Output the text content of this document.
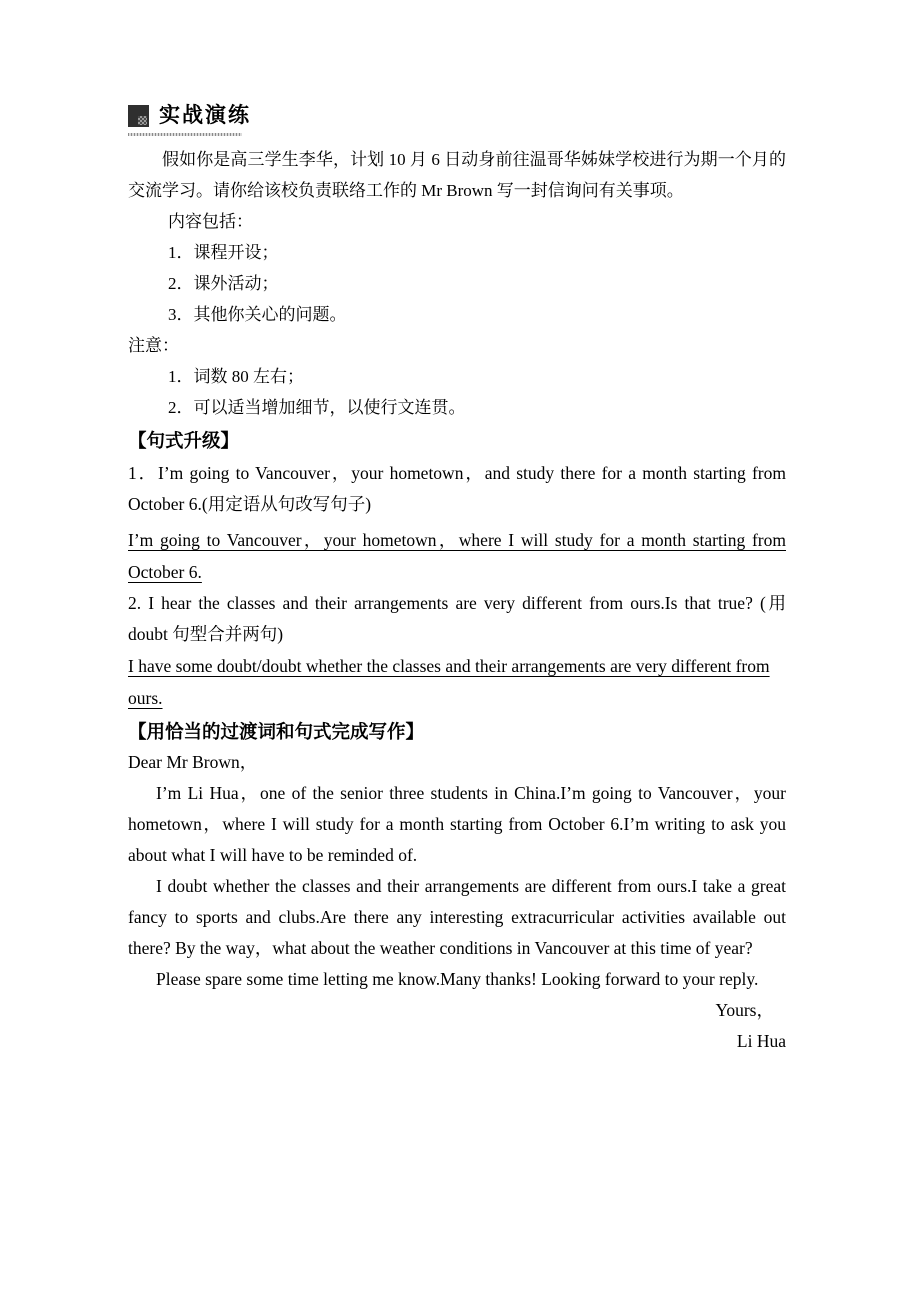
实战演练

假如你是高三学生李华，计划 10 月 6 日动身前往温哥华姊妹学校进行为期一个月的交流学习。请你给该校负责联络工作的 Mr Brown 写一封信询问有关事项。

内容包括：

1．课程开设；

2．课外活动；

3．其他你关心的问题。

注意：

1．词数 80 左右；

2．可以适当增加细节，以使行文连贯。

【句式升级】

1．I’m going to Vancouver，your hometown，and study there for a month starting from October 6.(用定语从句改写句子)

I’m going to Vancouver，your hometown，where I will study for a month starting from October 6.

2. I hear the classes and their arrangements are very different from ours.Is that true? (用 doubt 句型合并两句)

I have some doubt/doubt whether the classes and their arrangements are very different from ours.

【用恰当的过渡词和句式完成写作】

Dear Mr Brown，

I’m Li Hua，one of the senior three students in China.I’m going to Vancouver，your hometown，where I will study for a month starting from October 6.I’m writing to ask you about what I will have to be reminded of.

I doubt whether the classes and their arrangements are different from ours.I take a great fancy to sports and clubs.Are there any interesting extracurricular activities available out there? By the way，what about the weather conditions in Vancouver at this time of year?

Please spare some time letting me know.Many thanks! Looking forward to your reply.

Yours，

Li Hua
